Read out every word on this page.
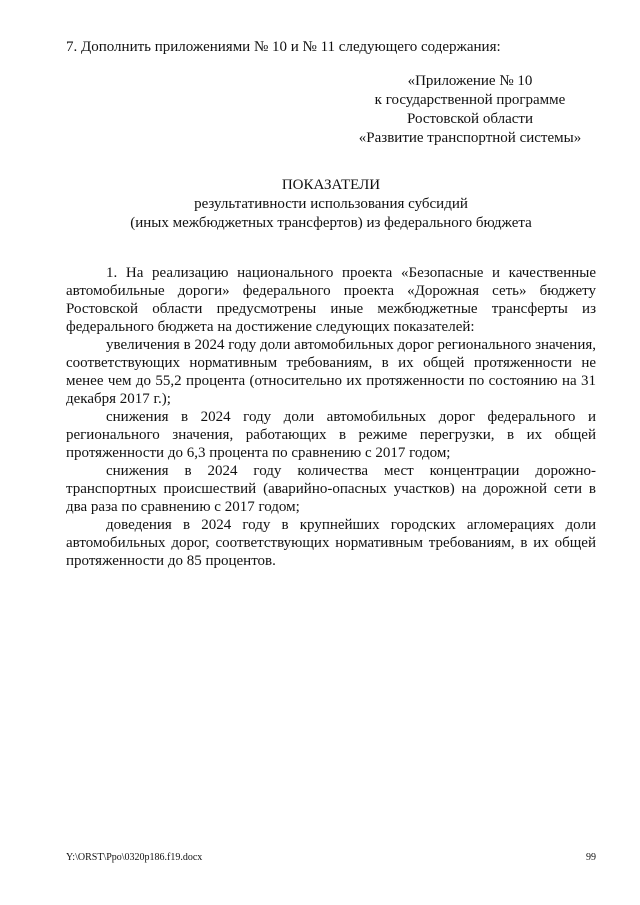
7. Дополнить приложениями № 10 и № 11 следующего содержания:
«Приложение № 10
к государственной программе
Ростовской области
«Развитие транспортной системы»
ПОКАЗАТЕЛИ
результативности использования субсидий
(иных межбюджетных трансфертов) из федерального бюджета

1. На реализацию национального проекта «Безопасные и качественные автомобильные дороги» федерального проекта «Дорожная сеть» бюджету Ростовской области предусмотрены иные межбюджетные трансферты из федерального бюджета на достижение следующих показателей:

увеличения в 2024 году доли автомобильных дорог регионального значения, соответствующих нормативным требованиям, в их общей протяженности не менее чем до 55,2 процента (относительно их протяженности по состоянию на 31 декабря 2017 г.);

снижения в 2024 году доли автомобильных дорог федерального и регионального значения, работающих в режиме перегрузки, в их общей протяженности до 6,3 процента по сравнению с 2017 годом;

снижения в 2024 году количества мест концентрации дорожно-транспортных происшествий (аварийно-опасных участков) на дорожной сети в два раза по сравнению с 2017 годом;

доведения в 2024 году в крупнейших городских агломерациях доли автомобильных дорог, соответствующих нормативным требованиям, в их общей протяженности до 85 процентов.

Y:\ORST\Ppo\0320p186.f19.docx	99
